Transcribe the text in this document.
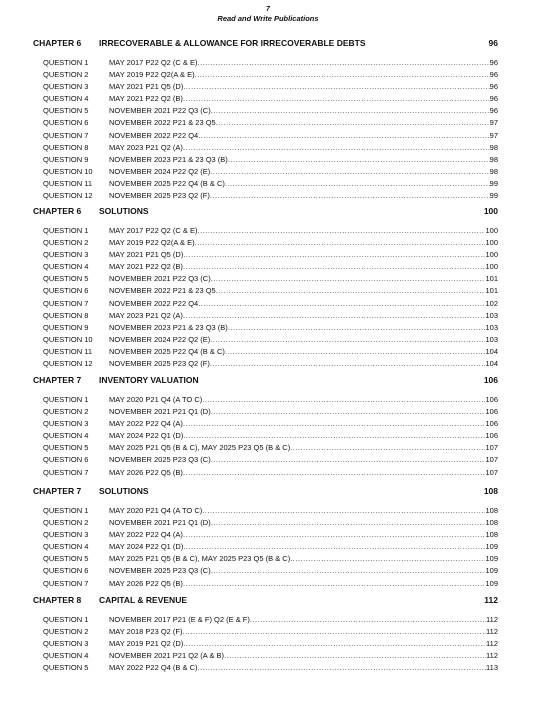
7
Read and Write Publications
CHAPTER 6	IRRECOVERABLE & ALLOWANCE FOR IRRECOVERABLE DEBTS	96
QUESTION 1	MAY 2017 P22 Q2 (C & E) .....	96
QUESTION 2	MAY 2019 P22 Q2(A & E) .....	96
QUESTION 3	MAY 2021 P21 Q5 (D) .....	96
QUESTION 4	MAY 2021 P22 Q2 (B) .....	96
QUESTION 5	NOVEMBER 2021 P22 Q3 (C) .....	96
QUESTION 6	NOVEMBER 2022 P21 & 23 Q5 .....	97
QUESTION 7	NOVEMBER 2022 P22 Q4 .....	97
QUESTION 8	MAY 2023 P21 Q2 (A) .....	98
QUESTION 9	NOVEMBER 2023 P21 & 23 Q3 (B) .....	98
QUESTION 10	NOVEMBER 2024 P22 Q2 (E) .....	98
QUESTION 11	NOVEMBER 2025 P22 Q4 (B & C) .....	99
QUESTION 12	NOVEMBER 2025 P23 Q2 (F) .....	99
CHAPTER 6	SOLUTIONS	100
QUESTION 1	MAY 2017 P22 Q2 (C & E) .....	100
QUESTION 2	MAY 2019 P22 Q2(A & E) .....	100
QUESTION 3	MAY 2021 P21 Q5 (D) .....	100
QUESTION 4	MAY 2021 P22 Q2 (B) .....	100
QUESTION 5	NOVEMBER 2021 P22 Q3 (C) .....	101
QUESTION 6	NOVEMBER 2022 P21 & 23 Q5 .....	101
QUESTION 7	NOVEMBER 2022 P22 Q4 .....	102
QUESTION 8	MAY 2023 P21 Q2 (A) .....	103
QUESTION 9	NOVEMBER 2023 P21 & 23 Q3 (B) .....	103
QUESTION 10	NOVEMBER 2024 P22 Q2 (E) .....	103
QUESTION 11	NOVEMBER 2025 P22 Q4 (B & C) .....	104
QUESTION 12	NOVEMBER 2025 P23 Q2 (F) .....	104
CHAPTER 7	INVENTORY VALUATION	106
QUESTION 1	MAY 2020 P21 Q4 (A TO C) .....	106
QUESTION 2	NOVEMBER 2021 P21 Q1 (D) .....	106
QUESTION 3	MAY 2022 P22 Q4 (A) .....	106
QUESTION 4	MAY 2024 P22 Q1 (D) .....	106
QUESTION 5	MAY 2025 P21 Q5 (B & C), MAY 2025 P23 Q5 (B & C) .....	107
QUESTION 6	NOVEMBER 2025 P23 Q3 (C) .....	107
QUESTION 7	MAY 2026 P22 Q5 (B) .....	107
CHAPTER 7	SOLUTIONS	108
QUESTION 1	MAY 2020 P21 Q4 (A TO C) .....	108
QUESTION 2	NOVEMBER 2021 P21 Q1 (D) .....	108
QUESTION 3	MAY 2022 P22 Q4 (A) .....	108
QUESTION 4	MAY 2024 P22 Q1 (D) .....	109
QUESTION 5	MAY 2025 P21 Q5 (B & C), MAY 2025 P23 Q5 (B & C) .....	109
QUESTION 6	NOVEMBER 2025 P23 Q3 (C) .....	109
QUESTION 7	MAY 2026 P22 Q5 (B) .....	109
CHAPTER 8	CAPITAL & REVENUE	112
QUESTION 1	NOVEMBER 2017 P21 (E & F) Q2 (E & F) .....	112
QUESTION 2	MAY 2018 P23 Q2 (F) .....	112
QUESTION 3	MAY 2019 P21 Q2 (D) .....	112
QUESTION 4	NOVEMBER 2021 P21 Q2 (A & B) .....	112
QUESTION 5	MAY 2022 P22 Q4 (B & C) .....	113
